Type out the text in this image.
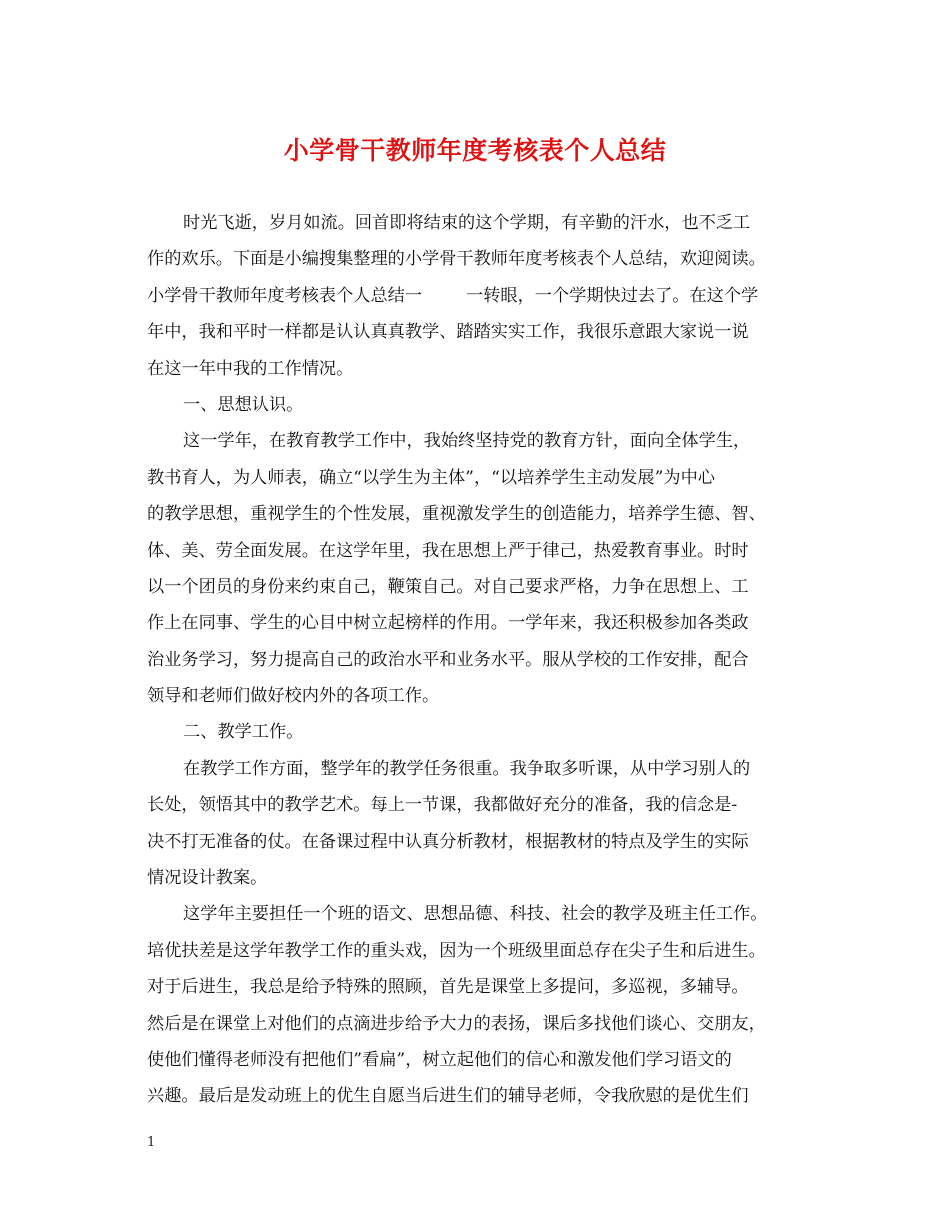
小学骨干教师年度考核表个人总结
时光飞逝，岁月如流。回首即将结束的这个学期，有辛勤的汗水，也不乏工
作的欢乐。下面是小编搜集整理的小学骨干教师年度考核表个人总结，欢迎阅读。
小学骨干教师年度考核表个人总结一	一转眼，一个学期快过去了。在这个学
年中，我和平时一样都是认认真真教学、踏踏实实工作，我很乐意跟大家说一说
在这一年中我的工作情况。
一、思想认识。
这一学年，在教育教学工作中，我始终坚持党的教育方针，面向全体学生，
教书育人，为人师表，确立“以学生为主体”，“以培养学生主动发展”为中心
的教学思想，重视学生的个性发展，重视激发学生的创造能力，培养学生德、智、
体、美、劳全面发展。在这学年里，我在思想上严于律己，热爱教育事业。时时
以一个团员的身份来约束自己，鞭策自己。对自己要求严格，力争在思想上、工
作上在同事、学生的心目中树立起榜样的作用。一学年来，我还积极参加各类政
治业务学习，努力提高自己的政治水平和业务水平。服从学校的工作安排，配合
领导和老师们做好校内外的各项工作。
二、教学工作。
在教学工作方面，整学年的教学任务很重。我争取多听课，从中学习别人的
长处，领悟其中的教学艺术。每上一节课，我都做好充分的准备，我的信念是-
决不打无准备的仗。在备课过程中认真分析教材，根据教材的特点及学生的实际
情况设计教案。
这学年主要担任一个班的语文、思想品德、科技、社会的教学及班主任工作。
培优扶差是这学年教学工作的重头戏，因为一个班级里面总存在尖子生和后进生。
对于后进生，我总是给予特殊的照顾，首先是课堂上多提问，多巡视，多辅导。
然后是在课堂上对他们的点滴进步给予大力的表扬，课后多找他们谈心、交朋友，
使他们懂得老师没有把他们”看扁”，树立起他们的信心和激发他们学习语文的
兴趣。最后是发动班上的优生自愿当后进生们的辅导老师，令我欣慰的是优生们
1
